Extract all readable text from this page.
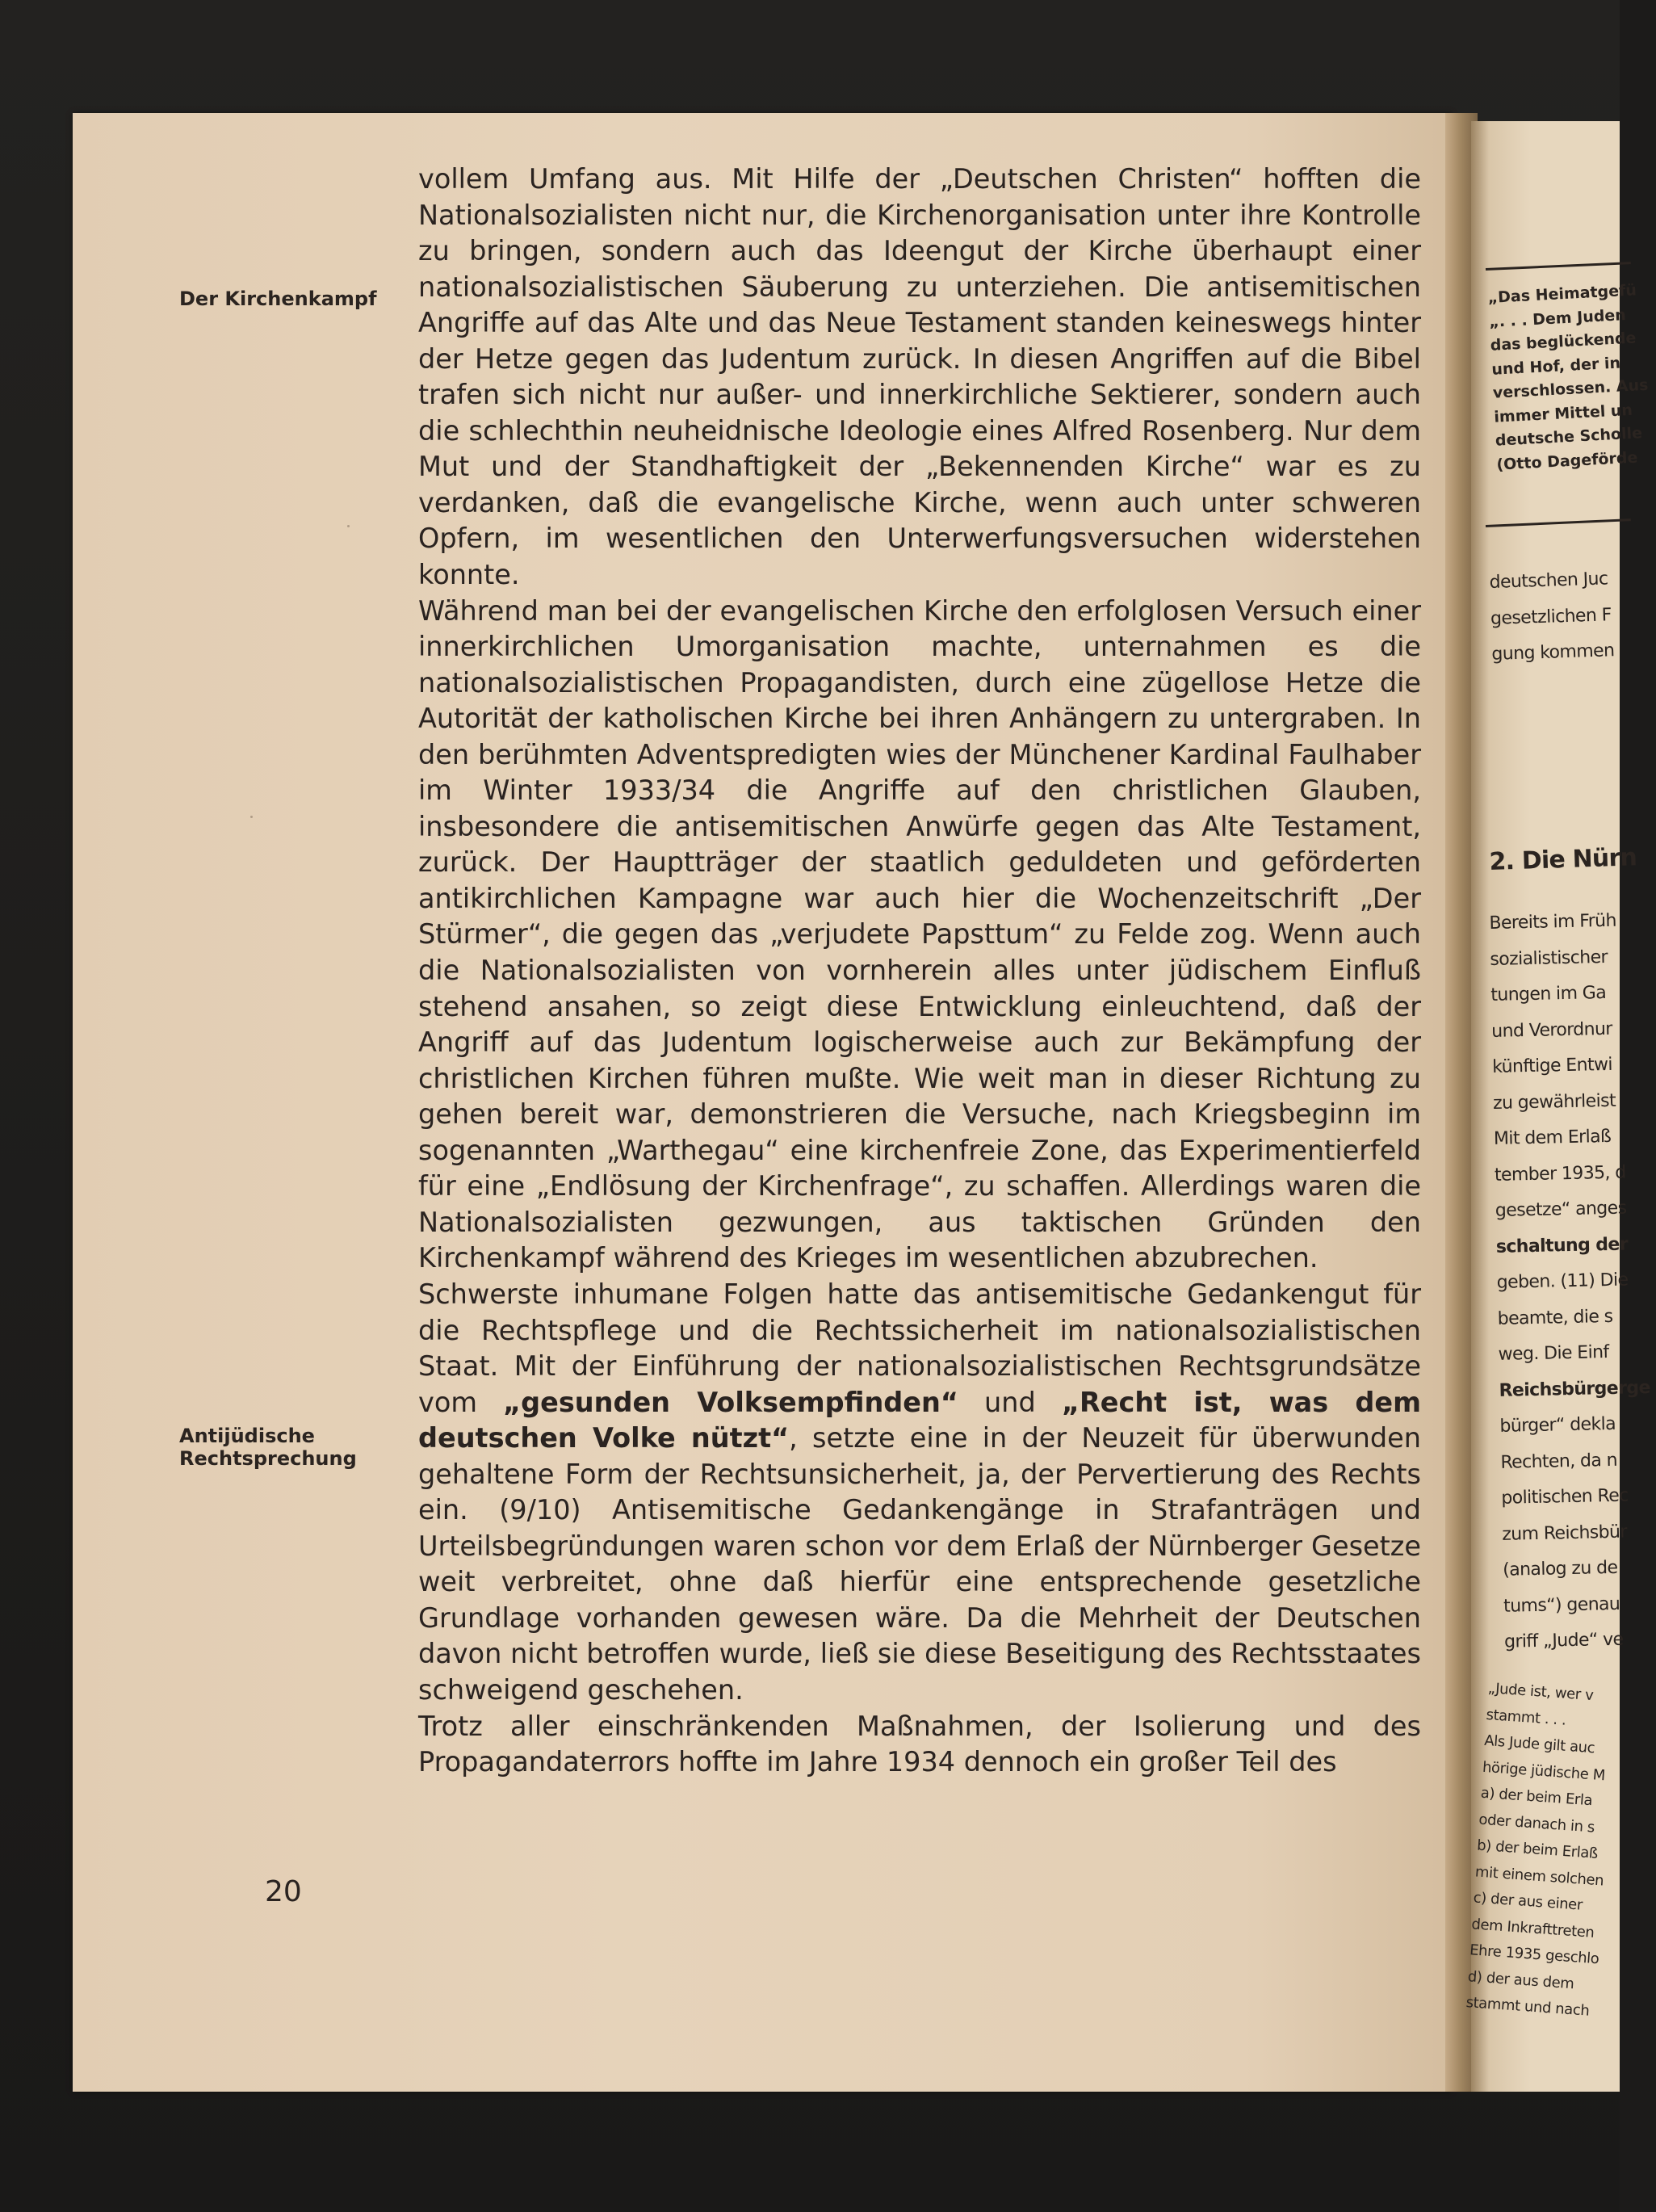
Der Kirchenkampf
Antijüdische
Rechtsprechung

vollem Umfang aus. Mit Hilfe der „Deutschen Christen“ hofften die Nationalsozialisten nicht nur, die Kirchenorganisation unter ihre Kontrolle zu bringen, sondern auch das Ideengut der Kirche überhaupt einer nationalsozialistischen Säuberung zu unterziehen. Die antisemitischen Angriffe auf das Alte und das Neue Testament standen keineswegs hinter der Hetze gegen das Judentum zurück. In diesen Angriffen auf die Bibel trafen sich nicht nur außer- und innerkirchliche Sektierer, sondern auch die schlechthin neuheidnische Ideologie eines Alfred Rosenberg. Nur dem Mut und der Standhaftigkeit der „Bekennenden Kirche“ war es zu verdanken, daß die evangelische Kirche, wenn auch unter schweren Opfern, im wesentlichen den Unterwerfungsversuchen widerstehen konnte.

Während man bei der evangelischen Kirche den erfolglosen Versuch einer innerkirchlichen Umorganisation machte, unternahmen es die nationalsozialistischen Propagandisten, durch eine zügellose Hetze die Autorität der katholischen Kirche bei ihren Anhängern zu untergraben. In den berühmten Adventspredigten wies der Münchener Kardinal Faulhaber im Winter 1933/34 die Angriffe auf den christlichen Glauben, insbesondere die antisemitischen Anwürfe gegen das Alte Testament, zurück. Der Hauptträger der staatlich geduldeten und geförderten antikirchlichen Kampagne war auch hier die Wochenzeitschrift „Der Stürmer“, die gegen das „verjudete Papsttum“ zu Felde zog. Wenn auch die Nationalsozialisten von vornherein alles unter jüdischem Einfluß stehend ansahen, so zeigt diese Entwicklung einleuchtend, daß der Angriff auf das Judentum logischerweise auch zur Bekämpfung der christlichen Kirchen führen mußte. Wie weit man in dieser Richtung zu gehen bereit war, demonstrieren die Versuche, nach Kriegsbeginn im sogenannten „Warthegau“ eine kirchenfreie Zone, das Experimentierfeld für eine „Endlösung der Kirchenfrage“, zu schaffen. Allerdings waren die Nationalsozialisten gezwungen, aus taktischen Gründen den Kirchenkampf während des Krieges im wesentlichen abzubrechen.

Schwerste inhumane Folgen hatte das antisemitische Gedankengut für die Rechtspflege und die Rechtssicherheit im nationalsozialistischen Staat. Mit der Einführung der nationalsozialistischen Rechtsgrundsätze vom „gesunden Volksempfinden“ und „Recht ist, was dem deutschen Volke nützt“, setzte eine in der Neuzeit für überwunden gehaltene Form der Rechtsunsicherheit, ja, der Pervertierung des Rechts ein. (9/10) Antisemitische Gedankengänge in Strafanträgen und Urteilsbegründungen waren schon vor dem Erlaß der Nürnberger Gesetze weit verbreitet, ohne daß hierfür eine entsprechende gesetzliche Grundlage vorhanden gewesen wäre. Da die Mehrheit der Deutschen davon nicht betroffen wurde, ließ sie diese Beseitigung des Rechtsstaates schweigend geschehen.

Trotz aller einschränkenden Maßnahmen, der Isolierung und des Propagandaterrors hoffte im Jahre 1934 dennoch ein großer Teil des

20
„Das Heimatgefü
„. . . Dem Juden
das beglückende
und Hof, der in
verschlossen. Aus
immer Mittel un
deutsche Scholle
(Otto Dageförde
deutschen Juc
gesetzlichen F
gung kommen
2. Die Nürn
Bereits im Früh
sozialistischer
tungen im Ga
und Verordnur
künftige Entwi
zu gewährleist
Mit dem Erlaß
tember 1935, d
gesetze“ anges
schaltung der
geben. (11) Die
beamte, die s
weg. Die Einf
Reichsbürgerge
bürger“ dekla
Rechten, da n
politischen Rec
zum Reichsbür
(analog zu de
tums“) genau
griff „Jude“ ve
„Jude ist, wer v
stammt . . .
Als Jude gilt auc
hörige jüdische M
a) der beim Erla
oder danach in s
b) der beim Erlaß
mit einem solchen
c) der aus einer
dem Inkrafttreten
Ehre 1935 geschlo
d) der aus dem
stammt und nach
